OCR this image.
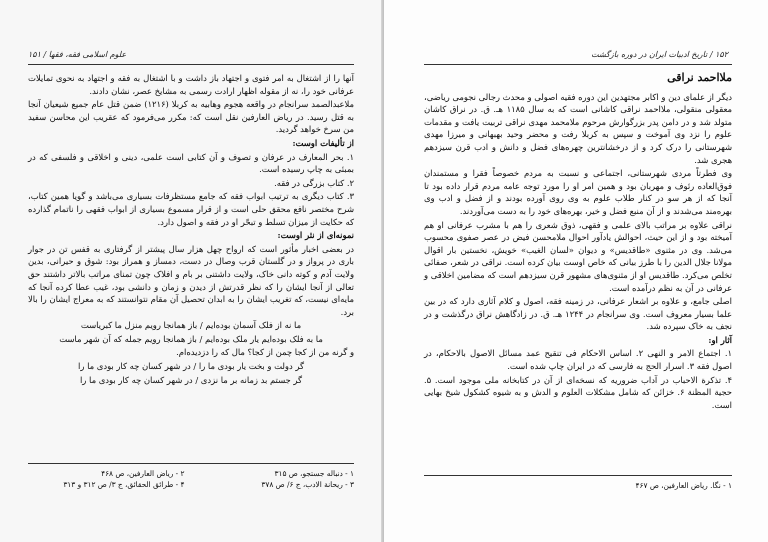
علوم اسلامی فقه، فقها / ۱۵۱

آنها را از اشتغال به امر فتوی و اجتهاد باز داشت و با اشتغال به فقه و اجتهاد به نحوی تمایلات عرفانی خود را، نه از مقوله اظهار ارادت رسمی به مشایخ عصر، نشان دادند.

ملاعبدالصمد سرانجام در واقعه هجوم وهابیه به کربلا (۱۲۱۶) ضمن قتل عام جمیع شیعیان آنجا به قتل رسید. در ریاض العارفین نقل است که: مکرر می‌فرمود که عقریب این محاسن سفید من سرخ خواهد گردید.

از تألیفات اوست:

۱. بحر المعارف در عرفان و تصوف و آن کتابی است علمی، دینی و اخلاقی و فلسفی که در بمبئی به چاپ رسیده است.

۲. کتاب بزرگی در فقه.

۳. کتاب دیگری به ترتیب ابواب فقه که جامع مستظرفات بسیاری می‌باشد و گویا همین کتاب، شرح مختصر نافع محقق حلی است و از قرار مسموع بسیاری از ابواب فقهی را ناتمام گذارده که حکایت از میزان تسلط و تبحّر او در فقه و اصول دارد.

نمونه‌ای از نثر اوست:

در بعضی اخبار مأثور است که ارواح چهل هزار سال پیشتر از گرفتاری به قفس تن در جوار باری در پرواز و در گلستان قرب وصال در دست، دمساز و همراز بود: شوق و حیرانی، بدین ولایت آدم و کوته دانی خاک، ولایت داشتنی بر بام و افلاک چون تمنای مراتب بالاتر داشتند حق تعالی از آنجا ایشان را که نظر قدرتش از دیدن و زمان و دانشی بود، غیب عطا کرده آنجا که مایه‌ای نیست، که تغریب ایشان را به ابدان تحصیل آن مقام نتوانستند که به معراج ایشان را بالا برد.

ما نه از فلک آسمان بوده‌ایم / باز همانجا رویم منزل ما کبریاست

ما به فلک بوده‌ایم یار ملک بوده‌ایم / باز همانجا رویم جمله که آن شهر ماست

و گرنه من از کجا چمن از کجا؟ مال که را دزدیده‌ام.

گر دولت و بخت یار بودی ما را / در شهر کسان چه کار بودی ما را

گر جستم بد زمانه بر ما نزدی / در شهر کسان چه کار بودی ما را

۱ - دنباله جستجو، ص ۳۱۵
۲ - ریاض العارفین، ص ۴۶۸
۳ - ریحانة الادب، ج ۶/ ص ۳۷۸
۴ - طرائق الحقائق، ج ۳/ ص ۳۱۲ و ۳۱۳
۱۵۲ / تاریخ ادبیات ایران در دوره بازگشت
ملااحمد نراقی

دیگر از علمای دین و اکابر مجتهدین این دوره فقیه اصولی و محدث رجالی نجومی ریاضی، معقولی منقولی، ملااحمد نراقی کاشانی است که به سال ۱۱۸۵ هـ. ق. در نراق کاشان متولد شد و در دامن پدر بزرگوارش مرحوم ملامحمد مهدی نراقی تربیت یافت و مقدمات علوم را نزد وی آموخت و سپس به کربلا رفت و محضر وحید بهبهانی و میرزا مهدی شهرستانی را درک کرد و از درخشانترین چهره‌های فضل و دانش و ادب قرن سیزدهم هجری شد.

وی فطرتاً مردی شهرستانی، اجتماعی و نسبت به مردم خصوصاً فقرا و مستمندان فوق‌العاده رئوف و مهربان بود و همین امر او را مورد توجه عامه مردم قرار داده بود تا آنجا که از هر سو در کنار طلاب علوم به وی روی آورده بودند و از فضل و ادب وی بهره‌مند می‌شدند و از آن منبع فضل و خیر، بهره‌های خود را به دست می‌آوردند.

نراقی علاوه بر مراتب بالای علمی و فقهی، ذوق شعری را هم با مشرب عرفانی او هم آمیخته بود و از این حیث، احوالش یادآور احوال ملامحسن فیض در عصر صفوی محسوب می‌شد. وی در مثنوی «طاقدیس» و دیوان «لسان الغیب» خویش، نخستین بار اقوال مولانا جلال الدین را با طرز بیانی که خاص اوست بیان کرده است. نراقی در شعر، صفائی تخلص می‌کرد. طاقدیس او از مثنوی‌های مشهور قرن سیزدهم است که مضامین اخلاقی و عرفانی در آن به نظم درآمده است.

اصلی جامع، و علاوه بر اشعار عرفانی، در زمینه فقه، اصول و کلام آثاری دارد که در بین علما بسیار معروف است. وی سرانجام در ۱۲۴۴ هـ. ق. در زادگاهش نراق درگذشت و در نجف به خاک سپرده شد.

آثار او:

۱. اجتماع الامر و النهی ۲. اساس الاحکام فی تنقیح عمد مسائل الاصول بالاحکام، در اصول فقه ۳. اسرار الحج به فارسی که در ایران چاپ شده است.

۴. تذکرة الاحباب در آداب ضروریه که نسخه‌ای از آن در کتابخانه ملی موجود است. ۵. حجیة المظنة ۶. خزائن که شامل مشکلات العلوم و الدش و به شیوه کشکول شیخ بهایی است.

۱ - نگا. ریاض العارفین، ص ۴۶۷
